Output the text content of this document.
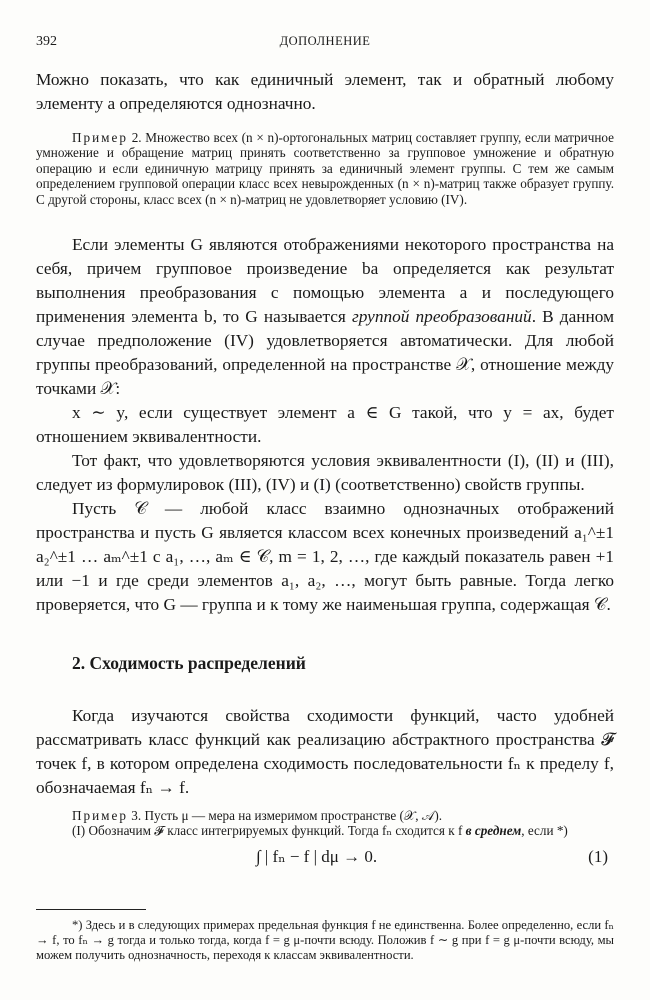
392	ДОПОЛНЕНИЕ

Можно показать, что как единичный элемент, так и обратный любому элементу a определяются однозначно.

Пример 2. Множество всех (n × n)-ортогональных матриц составляет группу, если матричное умножение и обращение матриц принять соответственно за групповое умножение и обратную операцию и если единичную матрицу принять за единичный элемент группы. С тем же самым определением групповой операции класс всех невырожденных (n × n)-матриц также образует группу. С другой стороны, класс всех (n × n)-матриц не удовлетворяет условию (IV).

Если элементы G являются отображениями некоторого пространства на себя, причем групповое произведение ba определяется как результат выполнения преобразования с помощью элемента a и последующего применения элемента b, то G называется группой преобразований. В данном случае предположение (IV) удовлетворяется автоматически. Для любой группы преобразований, определенной на пространстве 𝒳, отношение между точками 𝒳:

x ∼ y, если существует элемент a ∈ G такой, что y = ax, будет отношением эквивалентности.

Тот факт, что удовлетворяются условия эквивалентности (I), (II) и (III), следует из формулировок (III), (IV) и (I) (соответственно) свойств группы.

Пусть 𝒞 — любой класс взаимно однозначных отображений пространства и пусть G является классом всех конечных произведений a₁^±1 a₂^±1 … aₘ^±1 с a₁, …, aₘ ∈ 𝒞, m = 1, 2, …, где каждый показатель равен +1 или −1 и где среди элементов a₁, a₂, …, могут быть равные. Тогда легко проверяется, что G — группа и к тому же наименьшая группа, содержащая 𝒞.

2. Сходимость распределений

Когда изучаются свойства сходимости функций, часто удобней рассматривать класс функций как реализацию абстрактного пространства 𝓕 точек f, в котором определена сходимость последовательности fₙ к пределу f, обозначаемая fₙ → f.

Пример 3. Пусть μ — мера на измеримом пространстве (𝒳, 𝒜).

(I) Обозначим 𝓕 класс интегрируемых функций. Тогда fₙ сходится к f в среднем, если *)

∫ | fₙ − f | dμ → 0.	(1)

*) Здесь и в следующих примерах предельная функция f не единственна. Более определенно, если fₙ → f, то fₙ → g тогда и только тогда, когда f = g μ-почти всюду. Положив f ∼ g при f = g μ-почти всюду, мы можем получить однозначность, переходя к классам эквивалентности.
